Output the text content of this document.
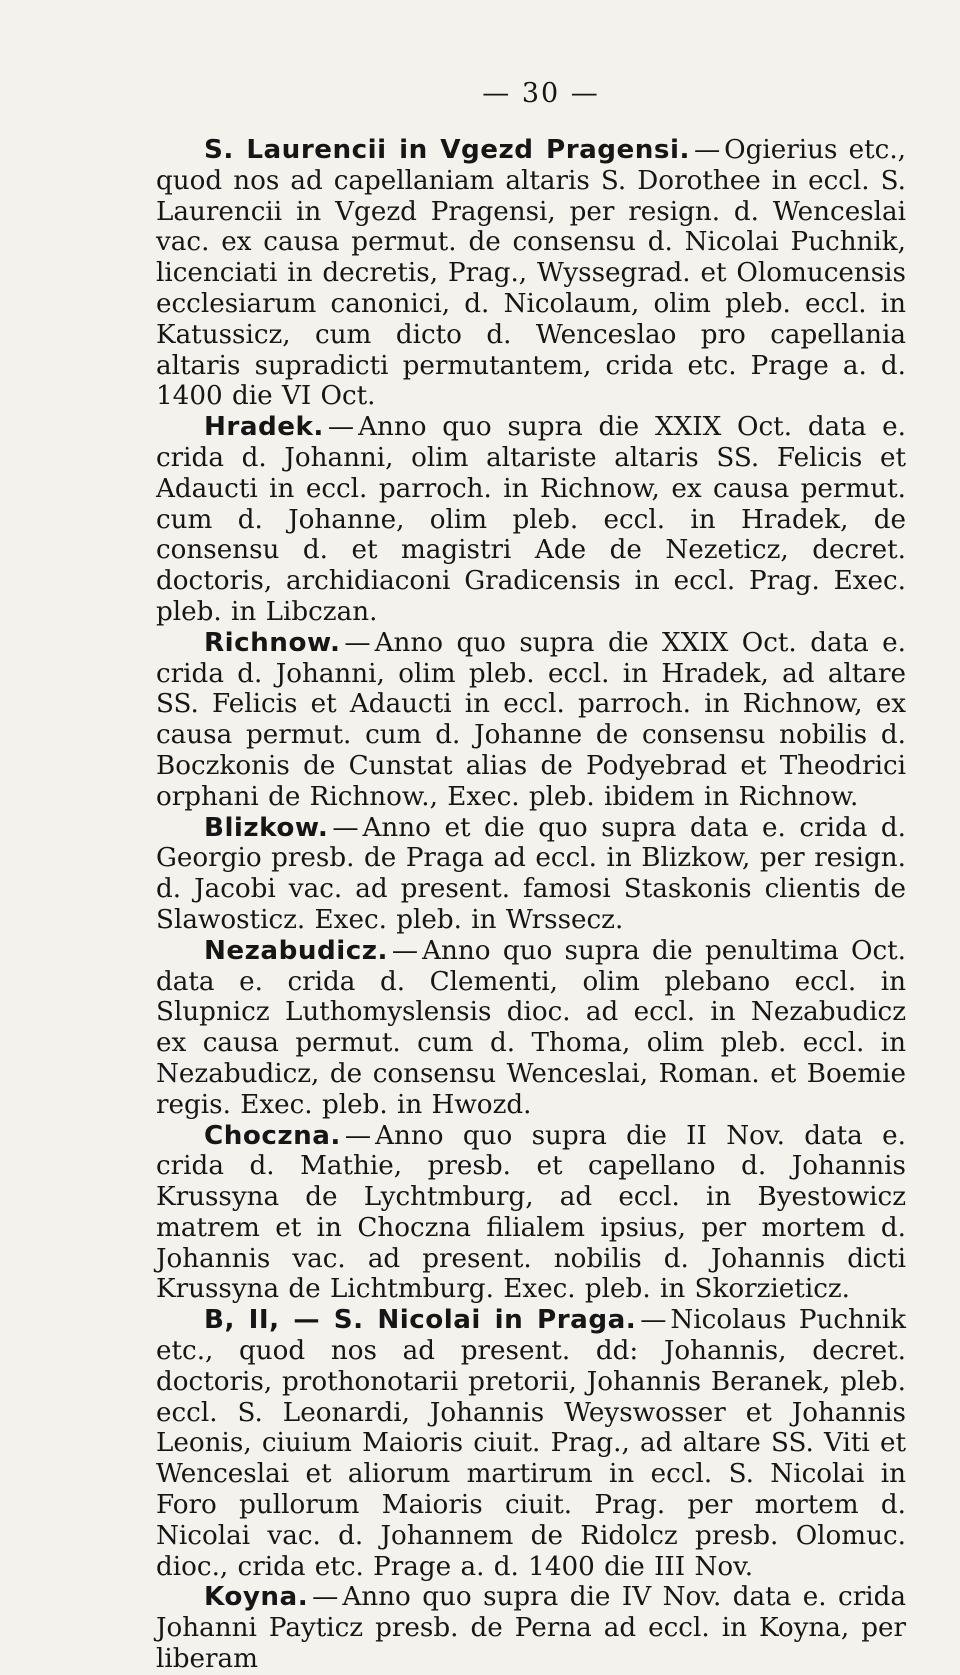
— 30 —

S. Laurencii in Vgezd Pragensi. — Ogierius etc., quod nos ad capellaniam altaris S. Dorothee in eccl. S. Laurencii in Vgezd Pragensi, per resign. d. Wenceslai vac. ex causa permut. de consensu d. Nicolai Puchnik, licenciati in decretis, Prag., Wyssegrad. et Olomucensis ecclesiarum canonici, d. Nicolaum, olim pleb. eccl. in Katussicz, cum dicto d. Wenceslao pro capellania altaris supradicti permutantem, crida etc. Prage a. d. 1400 die VI Oct.

Hradek. — Anno quo supra die XXIX Oct. data e. crida d. Johanni, olim altariste altaris SS. Felicis et Adaucti in eccl. parroch. in Richnow, ex causa permut. cum d. Johanne, olim pleb. eccl. in Hradek, de consensu d. et magistri Ade de Nezeticz, decret. doctoris, archidiaconi Gradicensis in eccl. Prag. Exec. pleb. in Libczan.

Richnow. — Anno quo supra die XXIX Oct. data e. crida d. Johanni, olim pleb. eccl. in Hradek, ad altare SS. Felicis et Adaucti in eccl. parroch. in Richnow, ex causa permut. cum d. Johanne de consensu nobilis d. Boczkonis de Cunstat alias de Podyebrad et Theodrici orphani de Richnow., Exec. pleb. ibidem in Richnow.

Blizkow. — Anno et die quo supra data e. crida d. Georgio presb. de Praga ad eccl. in Blizkow, per resign. d. Jacobi vac. ad present. famosi Staskonis clientis de Slawosticz. Exec. pleb. in Wrssecz.

Nezabudicz. — Anno quo supra die penultima Oct. data e. crida d. Clementi, olim plebano eccl. in Slupnicz Luthomyslensis dioc. ad eccl. in Nezabudicz ex causa permut. cum d. Thoma, olim pleb. eccl. in Nezabudicz, de consensu Wenceslai, Roman. et Boemie regis. Exec. pleb. in Hwozd.

Choczna. — Anno quo supra die II Nov. data e. crida d. Mathie, presb. et capellano d. Johannis Krussyna de Lychtmburg, ad eccl. in Byestowicz matrem et in Choczna filialem ipsius, per mortem d. Johannis vac. ad present. nobilis d. Johannis dicti Krussyna de Lichtmburg. Exec. pleb. in Skorzieticz.

B, II, — S. Nicolai in Praga. — Nicolaus Puchnik etc., quod nos ad present. dd: Johannis, decret. doctoris, prothonotarii pretorii, Johannis Beranek, pleb. eccl. S. Leonardi, Johannis Weyswosser et Johannis Leonis, ciuium Maioris ciuit. Prag., ad altare SS. Viti et Wenceslai et aliorum martirum in eccl. S. Nicolai in Foro pullorum Maioris ciuit. Prag. per mortem d. Nicolai vac. d. Johannem de Ridolcz presb. Olomuc. dioc., crida etc. Prage a. d. 1400 die III Nov.

Koyna. — Anno quo supra die IV Nov. data e. crida Johanni Payticz presb. de Perna ad eccl. in Koyna, per liberam
